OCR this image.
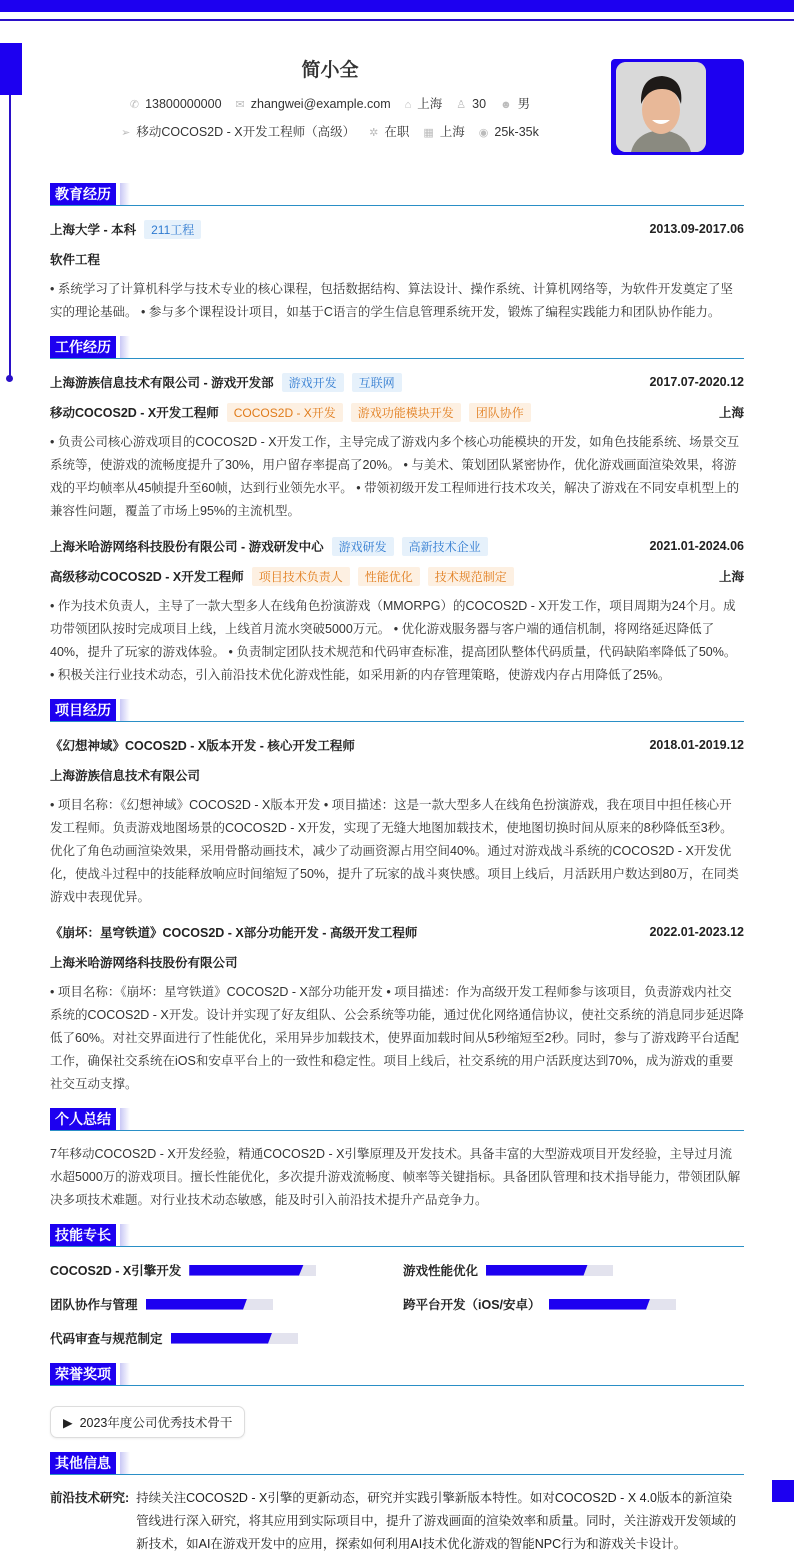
简小全
✆ 13800000000 ✉ zhangwei@example.com ⌂ 上海 ♙ 30 ☻ 男
➢ 移动COCOS2D - X开发工程师（高级） ✲ 在职 ▦ 上海 ◉ 25k-35k
教育经历
上海大学 - 本科	211工程	2013.09-2017.06
软件工程

• 系统学习了计算机科学与技术专业的核心课程，包括数据结构、算法设计、操作系统、计算机网络等，为软件开发奠定了坚实的理论基础。 • 参与多个课程设计项目，如基于C语言的学生信息管理系统开发，锻炼了编程实践能力和团队协作能力。

工作经历
上海游族信息技术有限公司 - 游戏开发部	游戏开发	互联网	2017.07-2020.12
移动COCOS2D - X开发工程师	COCOS2D - X开发	游戏功能模块开发	团队协作	上海

• 负责公司核心游戏项目的COCOS2D - X开发工作，主导完成了游戏内多个核心功能模块的开发，如角色技能系统、场景交互系统等，使游戏的流畅度提升了30%，用户留存率提高了20%。 • 与美术、策划团队紧密协作，优化游戏画面渲染效果，将游戏的平均帧率从45帧提升至60帧，达到行业领先水平。 • 带领初级开发工程师进行技术攻关，解决了游戏在不同安卓机型上的兼容性问题，覆盖了市场上95%的主流机型。

上海米哈游网络科技股份有限公司 - 游戏研发中心	游戏研发	高新技术企业	2021.01-2024.06
高级移动COCOS2D - X开发工程师	项目技术负责人	性能优化	技术规范制定	上海

• 作为技术负责人，主导了一款大型多人在线角色扮演游戏（MMORPG）的COCOS2D - X开发工作，项目周期为24个月。成功带领团队按时完成项目上线，上线首月流水突破5000万元。 • 优化游戏服务器与客户端的通信机制，将网络延迟降低了40%，提升了玩家的游戏体验。 • 负责制定团队技术规范和代码审查标准，提高团队整体代码质量，代码缺陷率降低了50%。 • 积极关注行业技术动态，引入前沿技术优化游戏性能，如采用新的内存管理策略，使游戏内存占用降低了25%。

项目经历
《幻想神域》COCOS2D - X版本开发 - 核心开发工程师	2018.01-2019.12
上海游族信息技术有限公司

• 项目名称：《幻想神域》COCOS2D - X版本开发 • 项目描述：这是一款大型多人在线角色扮演游戏，我在项目中担任核心开发工程师。负责游戏地图场景的COCOS2D - X开发，实现了无缝大地图加载技术，使地图切换时间从原来的8秒降低至3秒。优化了角色动画渲染效果，采用骨骼动画技术，减少了动画资源占用空间40%。通过对游戏战斗系统的COCOS2D - X开发优化，使战斗过程中的技能释放响应时间缩短了50%，提升了玩家的战斗爽快感。项目上线后，月活跃用户数达到80万，在同类游戏中表现优异。

《崩坏：星穹铁道》COCOS2D - X部分功能开发 - 高级开发工程师	2022.01-2023.12
上海米哈游网络科技股份有限公司

• 项目名称：《崩坏：星穹铁道》COCOS2D - X部分功能开发 • 项目描述：作为高级开发工程师参与该项目，负责游戏内社交系统的COCOS2D - X开发。设计并实现了好友组队、公会系统等功能，通过优化网络通信协议，使社交系统的消息同步延迟降低了60%。对社交界面进行了性能优化，采用异步加载技术，使界面加载时间从5秒缩短至2秒。同时，参与了游戏跨平台适配工作，确保社交系统在iOS和安卓平台上的一致性和稳定性。项目上线后，社交系统的用户活跃度达到70%，成为游戏的重要社交互动支撑。

个人总结

7年移动COCOS2D - X开发经验，精通COCOS2D - X引擎原理及开发技术。具备丰富的大型游戏项目开发经验，主导过月流水超5000万的游戏项目。擅长性能优化，多次提升游戏流畅度、帧率等关键指标。具备团队管理和技术指导能力，带领团队解决多项技术难题。对行业技术动态敏感，能及时引入前沿技术提升产品竞争力。

技能专长
COCOS2D - X引擎开发	游戏性能优化
团队协作与管理	跨平台开发（iOS/安卓）
代码审查与规范制定
荣誉奖项
▶ 2023年度公司优秀技术骨干
其他信息
前沿技术研究:
持续关注COCOS2D - X引擎的更新动态，研究并实践引擎新版本特性。如对COCOS2D - X 4.0版本的新渲染管线进行深入研究，将其应用到实际项目中，提升了游戏画面的渲染效率和质量。同时，关注游戏开发领域的新技术，如AI在游戏开发中的应用，探索如何利用AI技术优化游戏的智能NPC行为和游戏关卡设计。
